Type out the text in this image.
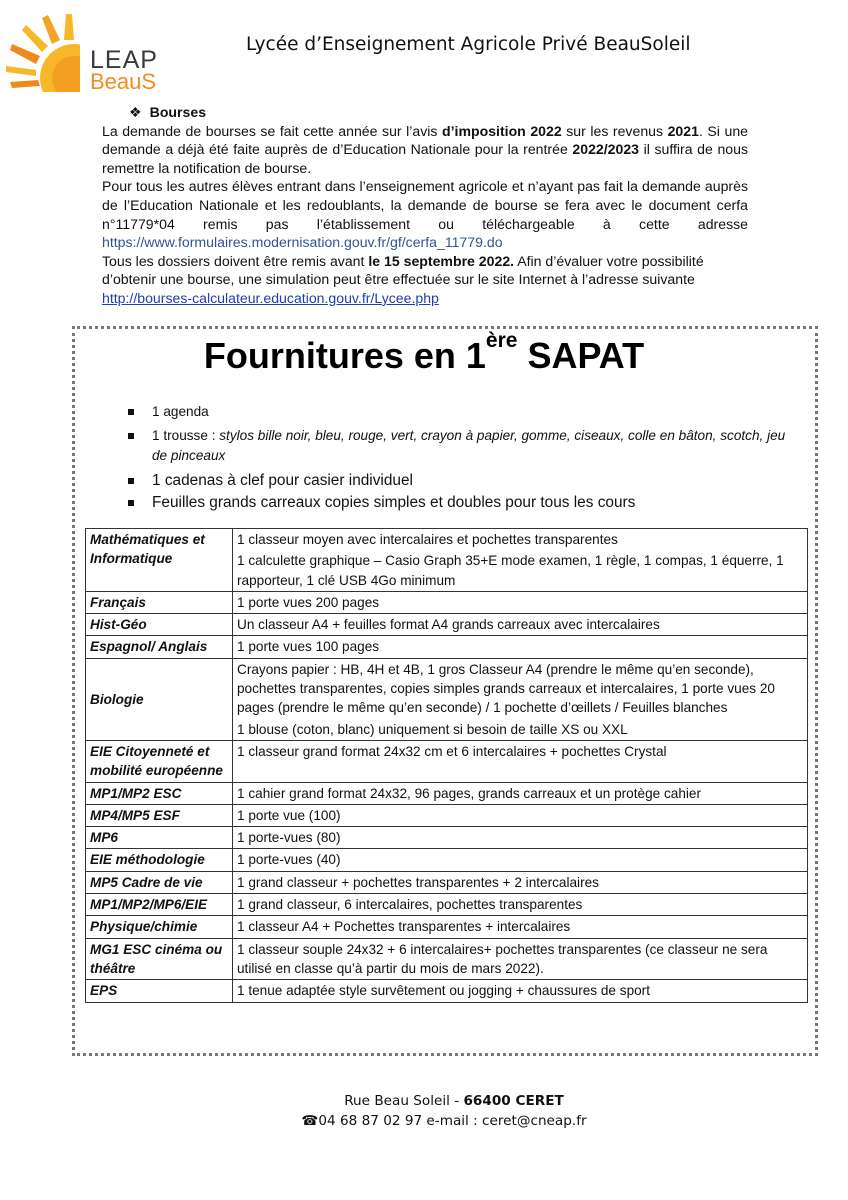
LEAP
BeauS
Lycée d’Enseignement Agricole Privé BeauSoleil
❖ Bourses

La demande de bourses se fait cette année sur l’avis d’imposition 2022 sur les revenus 2021. Si une demande a déjà été faite auprès de d’Education Nationale pour la rentrée 2022/2023 il suffira de nous remettre la notification de bourse.

Pour tous les autres élèves entrant dans l’enseignement agricole et n’ayant pas fait la demande auprès de l’Education Nationale et les redoublants, la demande de bourse se fera avec le document cerfa n°11779*04 remis pas l’établissement ou téléchargeable à cette adresse

https://www.formulaires.modernisation.gouv.fr/gf/cerfa_11779.do

Tous les dossiers doivent être remis avant le 15 septembre 2022. Afin d’évaluer votre possibilité d’obtenir une bourse, une simulation peut être effectuée sur le site Internet à l’adresse suivante
http://bourses-calculateur.education.gouv.fr/Lycee.php

Fournitures en 1ère SAPAT
1 agenda
1 trousse : stylos bille noir, bleu, rouge, vert, crayon à papier, gomme, ciseaux, colle en bâton, scotch, jeu de pinceaux
1 cadenas à clef pour casier individuel
Feuilles grands carreaux copies simples et doubles pour tous les cours
Mathématiques et Informatique	1 classeur moyen avec intercalaires et pochettes transparentes
1 calculette graphique – Casio Graph 35+E mode examen, 1 règle, 1 compas, 1 équerre, 1 rapporteur, 1 clé USB 4Go minimum

Français	1 porte vues 200 pages

Hist-Géo	Un classeur A4 + feuilles format A4 grands carreaux avec intercalaires

Espagnol/ Anglais	1 porte vues 100 pages

Biologie	Crayons papier : HB, 4H et 4B, 1 gros Classeur A4 (prendre le même qu’en seconde), pochettes transparentes, copies simples grands carreaux et intercalaires, 1 porte vues 20 pages (prendre le même qu’en seconde) / 1 pochette d’œillets / Feuilles blanches
1 blouse (coton, blanc) uniquement si besoin de taille XS ou XXL

EIE Citoyenneté et mobilité européenne	1 classeur grand format 24x32 cm et 6 intercalaires + pochettes Crystal

MP1/MP2 ESC	1 cahier grand format 24x32, 96 pages, grands carreaux et un protège cahier

MP4/MP5 ESF	1 porte vue (100)

MP6	1 porte-vues (80)

EIE méthodologie	1 porte-vues (40)

MP5 Cadre de vie	1 grand classeur + pochettes transparentes + 2 intercalaires

MP1/MP2/MP6/EIE	1 grand classeur, 6 intercalaires, pochettes transparentes

Physique/chimie	1 classeur A4 + Pochettes transparentes + intercalaires

MG1 ESC cinéma ou théâtre	1 classeur souple 24x32 + 6 intercalaires+ pochettes transparentes (ce classeur ne sera utilisé en classe qu’à partir du mois de mars 2022).

EPS	1 tenue adaptée style survêtement ou jogging + chaussures de sport
Rue Beau Soleil - 66400 CERET
☎04 68 87 02 97 e-mail : ceret@cneap.fr
